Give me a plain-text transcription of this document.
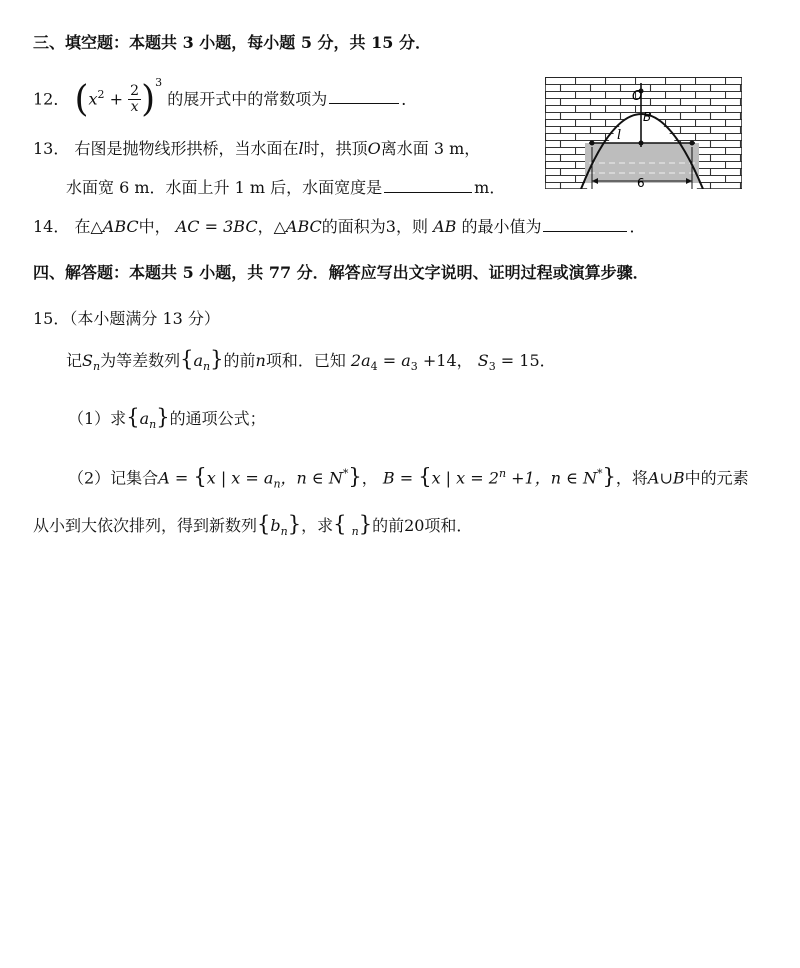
三、填空题：本题共 3 小题，每小题 5 分，共 15 分．
12． $(x^2 + \frac{2}{x} )^3$ 的展开式中的常数项为	．
13． 右图是抛物线形拱桥，当水面在l时，拱顶O离水面 3 m，
水面宽 6 m．水面上升 1 m 后，水面宽度是	m．
O
B
l
6
14． 在△ABC中， AC = 3BC，△ABC的面积为3，则 AB 的最小值为	．
四、解答题：本题共 5 小题，共 77 分．解答应写出文字说明、证明过程或演算步骤．
15．（本小题满分 13 分）
记$S_n$为等差数列$\{a_n\}$的前n项和．已知 $2a_4 = a_3 +14$， $S_3 = 15$．
（1）求$\{a_n\}$的通项公式；
（2）记集合A = {x | $x = a_n$，n ∈ N*}， B = {x | $x = 2^n +1$，n ∈ N*}，将A∪B中的元素
从小到大依次排列，得到新数列$\{b_n\}$，求{ $_n$}的前20项和．
